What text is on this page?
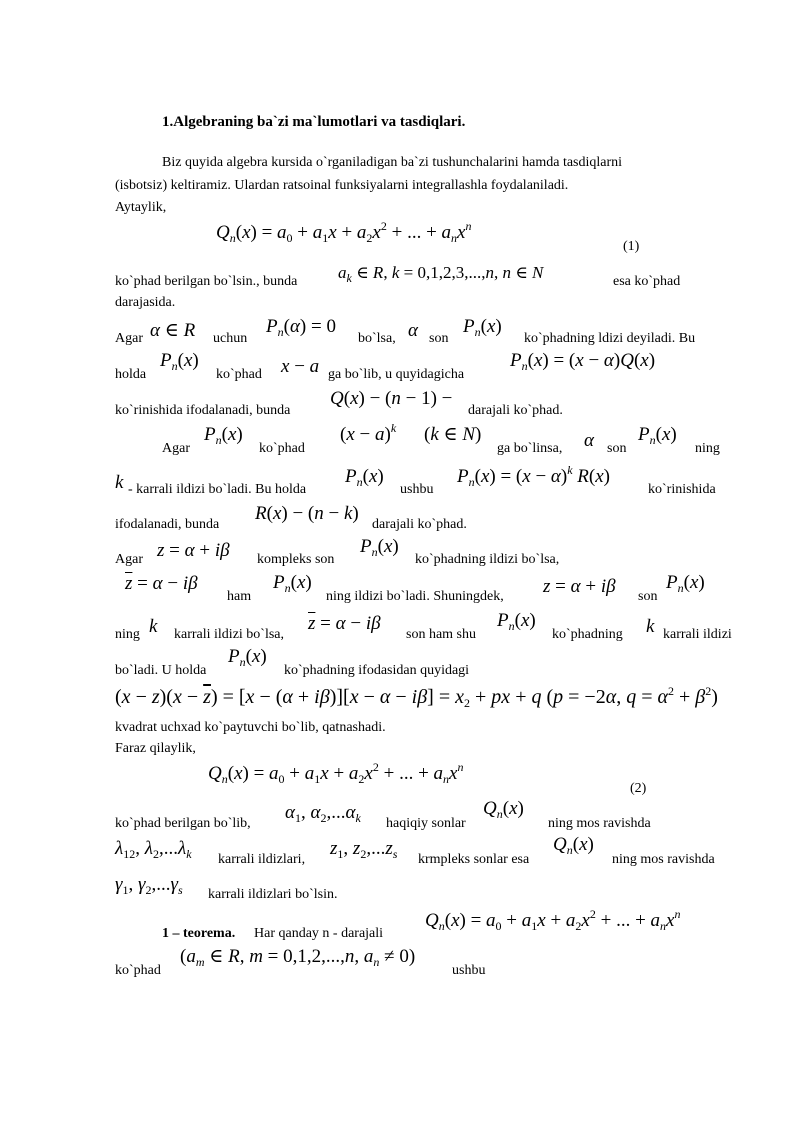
1.Algebraning ba`zi ma`lumotlari va tasdiqlari.
Biz quyida algebra kursida o`rganiladigan ba`zi tushunchalarini hamda tasdiqlarni
(isbotsiz) keltiramiz. Ulardan ratsoinal funksiyalarni integrallashla foydalaniladi.
Aytaylik,
$Q_n(x) = a_0 + a_1x + a_2x^2$ + ... + $a_nx^n$
(1)
ko`phad berilgan bo`lsin., bunda $a_k$ ∈ R, k = 0,1,2,3,...,n, n ∈ N	esa ko`phad
darajasida.
Agar α ∈ R uchun
$P_n(\alpha) = 0$
bo`lsa, α son
$P_n(x)$
ko`phadning ldizi deyiladi. Bu
holda
$P_n(x)$
ko`phad x − a ga bo`lib, u quyidagicha
$P_n(x) = (x - \alpha)Q(x)$
ko`rinishida ifodalanadi, bunda
Q(x) − (n − 1) −
darajali ko`phad.
Agar
$P_n(x)$
ko`phad
$(x - a)^k$ (k ∈ N)
ga bo`linsa, α son
$P_n(x)$
ning
k - karrali ildizi bo`ladi. Bu holda
$P_n(x)$
ushbu
$P_n(x) = (x - \alpha)^k$ R(x)
ko`rinishida
ifodalanadi, bunda
R(x) − (n − k)
darajali ko`phad.
Agar z = α + iβ kompleks son
$P_n(x)$
ko`phadning ildizi bo`lsa,
$\overline{z} = \alpha - i\beta$
ham
$P_n(x)$
ning ildizi bo`ladi. Shuningdek, z = α + iβ son
$P_n(x)$
ning k karrali ildizi bo`lsa,
$\overline{z} = \alpha - i\beta$
son ham shu
$P_n(x)$
ko`phadning k karrali ildizi
bo`ladi. U holda
$P_n(x)$
ko`phadning ifodasidan quyidagi
$(x - z)(x - \overline{z}) = [x - (\alpha + i\beta)][x - \alpha - i\beta] = x_2$ + px + q (p = −2α, $q = \alpha^2 + \beta^2$)
kvadrat uchxad ko`paytuvchi bo`lib, qatnashadi.
Faraz qilaylik,
$Q_n(x) = a_0 + a_1x + a_2x^2$ + ... + $a_nx^n$
(2)
ko`phad berilgan bo`lib,
$\alpha_1$, $\alpha_2,...\alpha_k$ haqiqiy sonlar
$Q_n(x)$
ning mos ravishda
$\lambda_{12}$, $\lambda_2,...\lambda_k$ karrali ildizlari,
$z_1$, $z_2,...z_s$ krmpleks sonlar esa
$Q_n(x)$
ning mos ravishda
$\gamma_1$, $\gamma_2,...\gamma_s$ karrali ildizlari bo`lsin.
1 – teorema. Har qanday n - darajali
$Q_n(x) = a_0 + a_1x + a_2x^2$ + ... + $a_nx^n$
ko`phad
($a_m$ ∈ R, m = 0,1,2,...,n, $a_n \ne 0$)
ushbu
